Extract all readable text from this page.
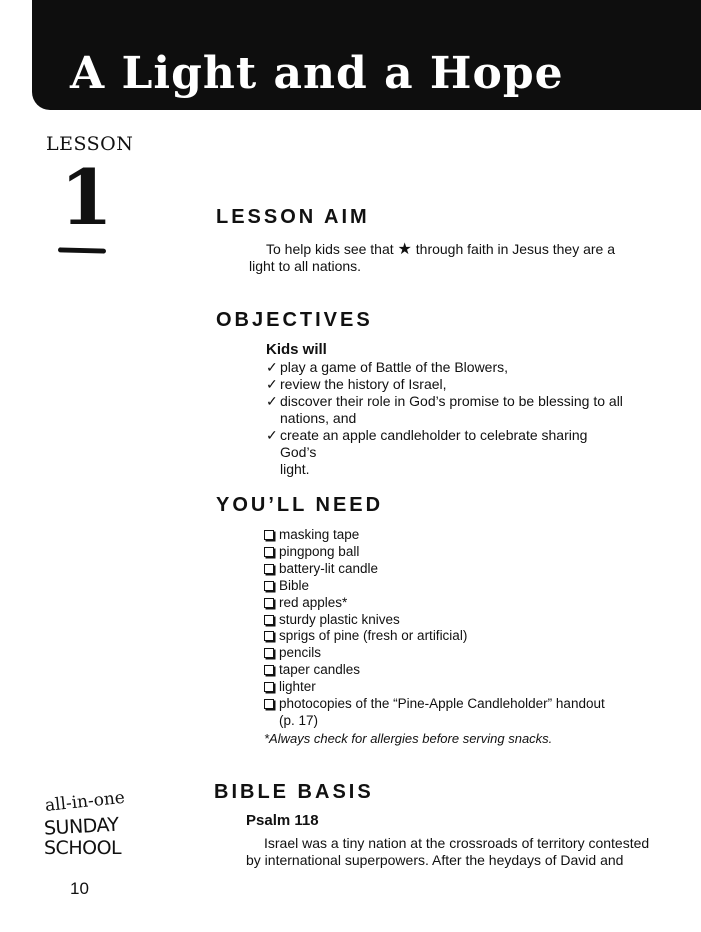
A Light and a Hope
LESSON
1	LESSON AIM
To help kids see that ★ through faith in Jesus they are a
light to all nations.
OBJECTIVES
Kids will
✓ play a game of Battle of the Blowers,
✓ review the history of Israel,
✓ discover their role in God’s promise to be blessing to all
nations, and
✓ create an apple candleholder to celebrate sharing God’s
light.
YOU’LL NEED
masking tape
pingpong ball
battery-lit candle
Bible
red apples*
sturdy plastic knives
sprigs of pine (fresh or artificial)
pencils
taper candles
lighter
photocopies of the “Pine-Apple Candleholder” handout
(p. 17)
*Always check for allergies before serving snacks.
BIBLE BASIS
Psalm 118
Israel was a tiny nation at the crossroads of territory contested
by international superpowers. After the heydays of David and
all-in-one
SUNDAY
SCHOOL
10
